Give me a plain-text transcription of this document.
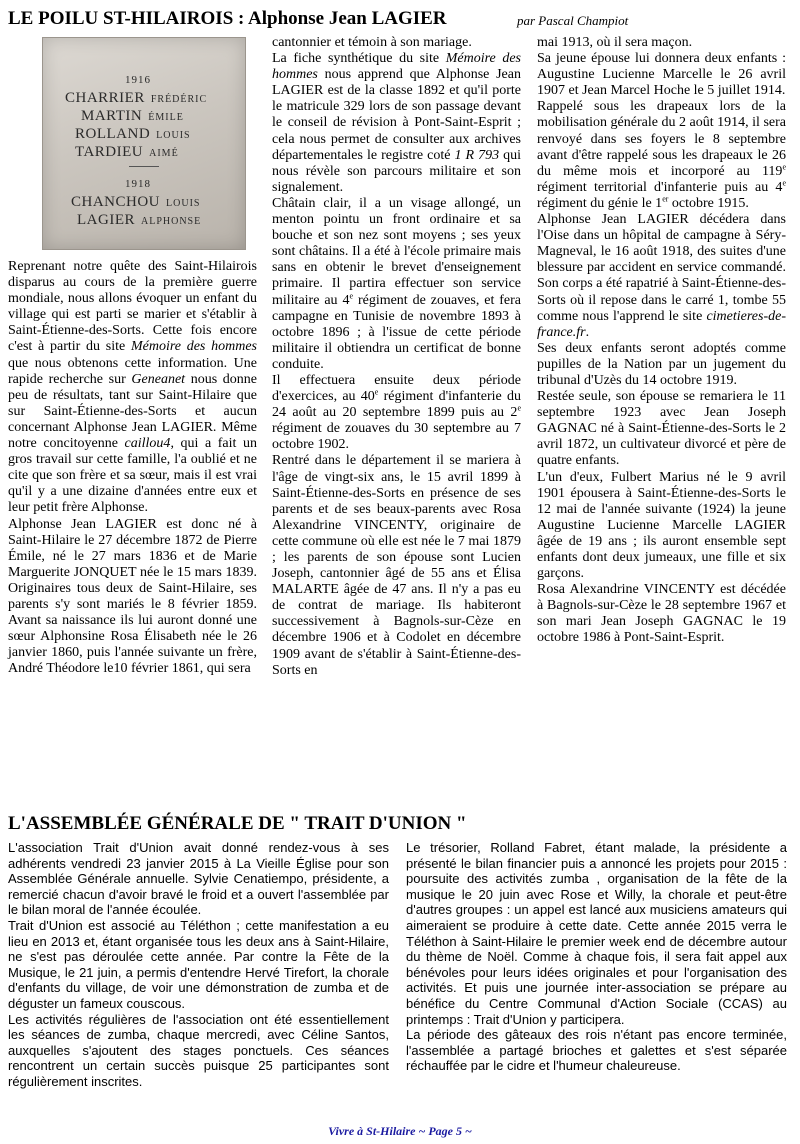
LE POILU ST-HILAIROIS : Alphonse Jean LAGIER	par Pascal Champiot
1916
CHARRIER FRÉDÉRIC
MARTIN ÉMILE
ROLLAND LOUIS
TARDIEU AIMÉ
1918
CHANCHOU LOUIS
LAGIER ALPHONSE

Reprenant notre quête des Saint-Hilairois disparus au cours de la première guerre mondiale, nous allons évoquer un enfant du village qui est parti se marier et s'établir à Saint-Étienne-des-Sorts. Cette fois encore c'est à partir du site Mémoire des hommes que nous obtenons cette information. Une rapide recherche sur Geneanet nous donne peu de résultats, tant sur Saint-Hilaire que sur Saint-Étienne-des-Sorts et aucun concernant Alphonse Jean LAGIER. Même notre concitoyenne caillou4, qui a fait un gros travail sur cette famille, l'a oublié et ne cite que son frère et sa sœur, mais il est vrai qu'il y a une dizaine d'années entre eux et leur petit frère Alphonse.

Alphonse Jean LAGIER est donc né à Saint-Hilaire le 27 décembre 1872 de Pierre Émile, né le 27 mars 1836 et de Marie Marguerite JONQUET née le 15 mars 1839. Originaires tous deux de Saint-Hilaire, ses parents s'y sont mariés le 8 février 1859. Avant sa naissance ils lui auront donné une sœur Alphonsine Rosa Élisabeth née le 26 janvier 1860, puis l'année suivante un frère, André Théodore le10 février 1861, qui sera

cantonnier et témoin à son mariage.

La fiche synthétique du site Mémoire des hommes nous apprend que Alphonse Jean LAGIER est de la classe 1892 et qu'il porte le matricule 329 lors de son passage devant le conseil de révision à Pont-Saint-Esprit ; cela nous permet de consulter aux archives départementales le registre coté 1 R 793 qui nous révèle son parcours militaire et son signalement.

Châtain clair, il a un visage allongé, un menton pointu un front ordinaire et sa bouche et son nez sont moyens ; ses yeux sont châtains. Il a été à l'école primaire mais sans en obtenir le brevet d'enseignement primaire. Il partira effectuer son service militaire au 4e régiment de zouaves, et fera campagne en Tunisie de novembre 1893 à octobre 1896 ; à l'issue de cette période militaire il obtiendra un certificat de bonne conduite.

Il effectuera ensuite deux période d'exercices, au 40e régiment d'infanterie du 24 août au 20 septembre 1899 puis au 2e régiment de zouaves du 30 septembre au 7 octobre 1902.

Rentré dans le département il se mariera à l'âge de vingt-six ans, le 15 avril 1899 à Saint-Étienne-des-Sorts en présence de ses parents et de ses beaux-parents avec Rosa Alexandrine VINCENTY, originaire de cette commune où elle est née le 7 mai 1879 ; les parents de son épouse sont Lucien Joseph, cantonnier âgé de 55 ans et Élisa MALARTE âgée de 47 ans. Il n'y a pas eu de contrat de mariage. Ils habiteront successivement à Bagnols-sur-Cèze en décembre 1906 et à Codolet en décembre 1909 avant de s'établir à Saint-Étienne-des-Sorts en

mai 1913, où il sera maçon.

Sa jeune épouse lui donnera deux enfants : Augustine Lucienne Marcelle le 26 avril 1907 et Jean Marcel Hoche le 5 juillet 1914.

Rappelé sous les drapeaux lors de la mobilisation générale du 2 août 1914, il sera renvoyé dans ses foyers le 8 septembre avant d'être rappelé sous les drapeaux le 26 du même mois et incorporé au 119e régiment territorial d'infanterie puis au 4e régiment du génie le 1er octobre 1915.

Alphonse Jean LAGIER décédera dans l'Oise dans un hôpital de campagne à Séry-Magneval, le 16 août 1918, des suites d'une blessure par accident en service commandé. Son corps a été rapatrié à Saint-Étienne-des-Sorts où il repose dans le carré 1, tombe 55 comme nous l'apprend le site cimetieres-de-france.fr.

Ses deux enfants seront adoptés comme pupilles de la Nation par un jugement du tribunal d'Uzès du 14 octobre 1919.

Restée seule, son épouse se remariera le 11 septembre 1923 avec Jean Joseph GAGNAC né à Saint-Étienne-des-Sorts le 2 avril 1872, un cultivateur divorcé et père de quatre enfants.

L'un d'eux, Fulbert Marius né le 9 avril 1901 épousera à Saint-Étienne-des-Sorts le 12 mai de l'année suivante (1924) la jeune Augustine Lucienne Marcelle LAGIER âgée de 19 ans ; ils auront ensemble sept enfants dont deux jumeaux, une fille et six garçons.

Rosa Alexandrine VINCENTY est décédée à Bagnols-sur-Cèze le 28 septembre 1967 et son mari Jean Joseph GAGNAC le 19 octobre 1986 à Pont-Saint-Esprit.

L'ASSEMBLÉE GÉNÉRALE DE " TRAIT D'UNION "

L'association Trait d'Union avait donné rendez-vous à ses adhérents vendredi 23 janvier 2015 à La Vieille Église pour son Assemblée Générale annuelle. Sylvie Cenatiempo, présidente, a remercié chacun d'avoir bravé le froid et a ouvert l'assemblée par le bilan moral de l'année écoulée.

Trait d'Union est associé au Téléthon ; cette manifestation a eu lieu en 2013 et, étant organisée tous les deux ans à Saint-Hilaire, ne s'est pas déroulée cette année. Par contre la Fête de la Musique, le 21 juin, a permis d'entendre Hervé Tirefort, la chorale d'enfants du village, de voir une démonstration de zumba et de déguster un fameux couscous.

Les activités régulières de l'association ont été essentiellement les séances de zumba, chaque mercredi, avec Céline Santos, auxquelles s'ajoutent des stages ponctuels. Ces séances rencontrent un certain succès puisque 25 participantes sont régulièrement inscrites.

Le trésorier, Rolland Fabret, étant malade, la présidente a présenté le bilan financier puis a annoncé les projets pour 2015 : poursuite des activités zumba , organisation de la fête de la musique le 20 juin avec Rose et Willy, la chorale et peut-être d'autres groupes : un appel est lancé aux musiciens amateurs qui aimeraient se produire à cette date. Cette année 2015 verra le Téléthon à Saint-Hilaire le premier week end de décembre autour du thème de Noël. Comme à chaque fois, il sera fait appel aux bénévoles pour leurs idées originales et pour l'organisation des activités. Et puis une journée inter-association se prépare au bénéfice du Centre Communal d'Action Sociale (CCAS) au printemps : Trait d'Union y participera.

La période des gâteaux des rois n'étant pas encore terminée, l'assemblée a partagé brioches et galettes et s'est séparée réchauffée par le cidre et l'humeur chaleureuse.

Vivre à St-Hilaire ~ Page 5 ~
